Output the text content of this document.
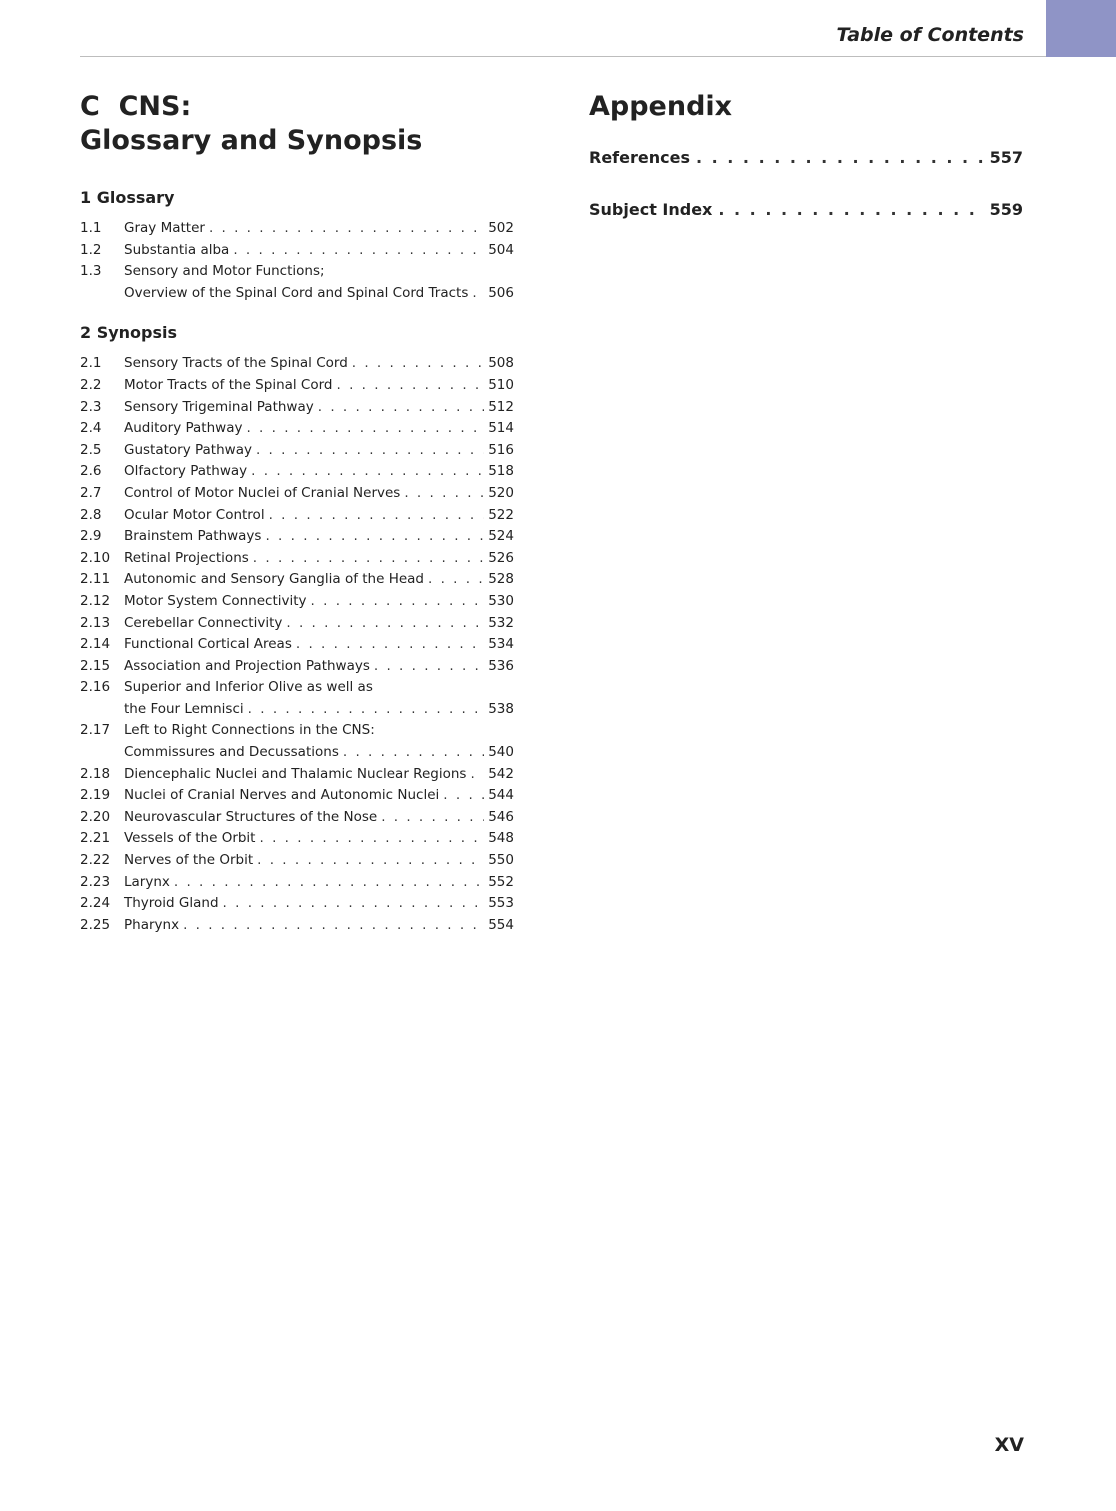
Table of Contents
C  CNS:
Glossary and Synopsis
1 Glossary
1.1	Gray Matter . . .	502
1.2	Substantia alba . . .	504
1.3	Sensory and Motor Functions;
Overview of the Spinal Cord and Spinal Cord Tracts . . . 506
2 Synopsis
2.1	Sensory Tracts of the Spinal Cord . . .	508
2.2	Motor Tracts of the Spinal Cord . . .	510
2.3	Sensory Trigeminal Pathway . . .	512
2.4	Auditory Pathway . . .	514
2.5	Gustatory Pathway . . .	516
2.6	Olfactory Pathway . . .	518
2.7	Control of Motor Nuclei of Cranial Nerves . . .	520
2.8	Ocular Motor Control . . .	522
2.9	Brainstem Pathways . . .	524
2.10	Retinal Projections . . .	526
2.11	Autonomic and Sensory Ganglia of the Head . . .	528
2.12	Motor System Connectivity . . .	530
2.13	Cerebellar Connectivity . . .	532
2.14	Functional Cortical Areas . . .	534
2.15	Association and Projection Pathways . . .	536
2.16	Superior and Inferior Olive as well as
the Four Lemnisci . . .	538
2.17	Left to Right Connections in the CNS:
Commissures and Decussations . . .	540
2.18	Diencephalic Nuclei and Thalamic Nuclear Regions . . . 542
2.19	Nuclei of Cranial Nerves and Autonomic Nuclei . . .	544
2.20	Neurovascular Structures of the Nose . . .	546
2.21	Vessels of the Orbit . . .	548
2.22	Nerves of the Orbit . . .	550
2.23	Larynx . . .	552
2.24	Thyroid Gland . . .	553
2.25	Pharynx . . .	554
Appendix
References . . .	557
Subject Index . . .	559
XV
